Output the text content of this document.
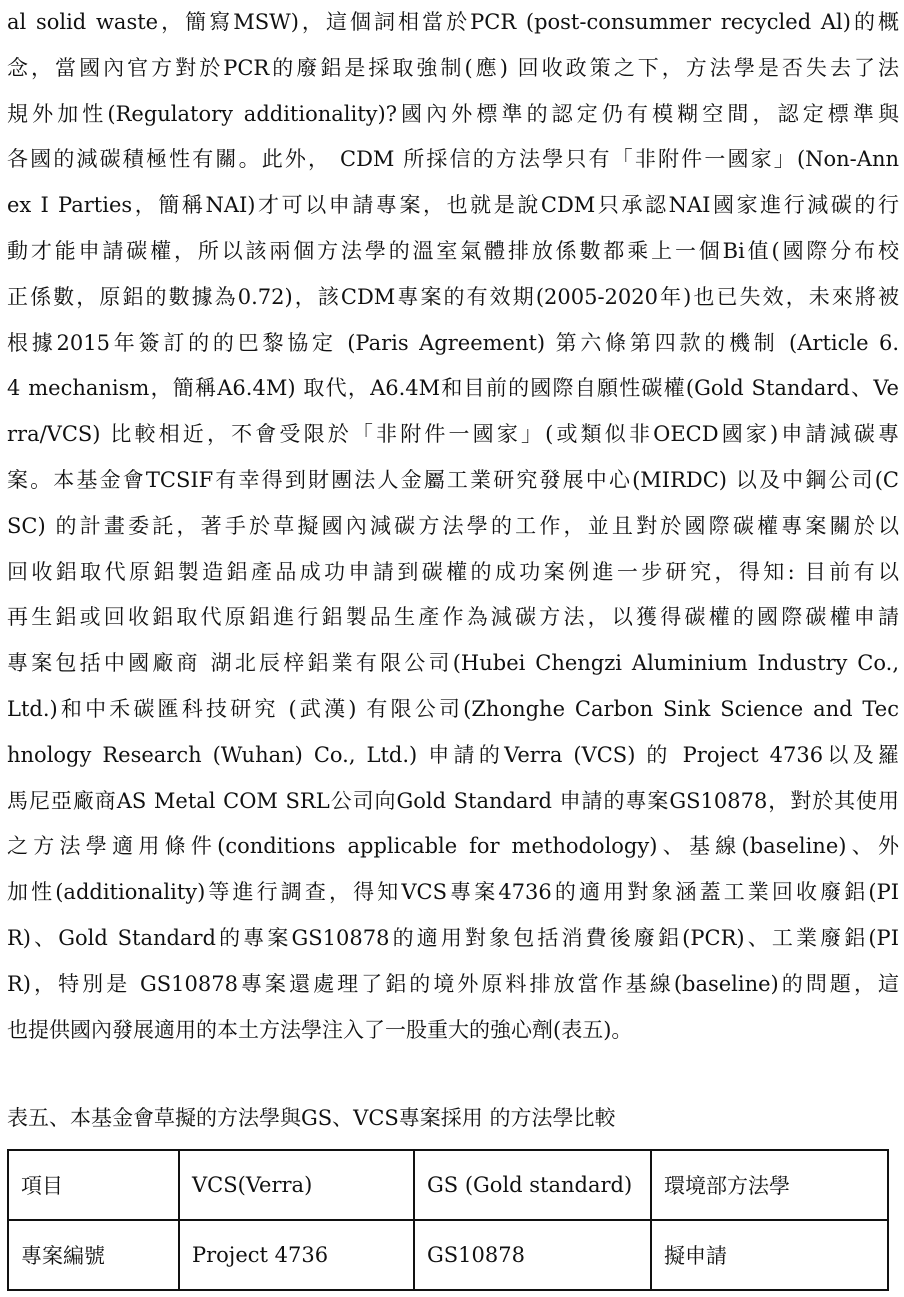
al solid waste，簡寫MSW)，這個詞相當於PCR (post-consummer recycled Al)的概
念，當國內官方對於PCR的廢鋁是採取強制(應) 回收政策之下，方法學是否失去了法
規外加性(Regulatory additionality)?國內外標準的認定仍有模糊空間，認定標準與
各國的減碳積極性有關。此外， CDM 所採信的方法學只有「非附件一國家」(Non-Ann
ex I Parties，簡稱NAI)才可以申請專案，也就是說CDM只承認NAI國家進行減碳的行
動才能申請碳權，所以該兩個方法學的溫室氣體排放係數都乘上一個Bi值(國際分布校
正係數，原鋁的數據為0.72)，該CDM專案的有效期(2005-2020年)也已失效，未來將被
根據2015年簽訂的的巴黎協定 (Paris Agreement) 第六條第四款的機制 (Article 6.
4 mechanism，簡稱A6.4M) 取代，A6.4M和目前的國際自願性碳權(Gold Standard、Ve
rra/VCS) 比較相近，不會受限於「非附件一國家」(或類似非OECD國家)申請減碳專
案。本基金會TCSIF有幸得到財團法人金屬工業研究發展中心(MIRDC) 以及中鋼公司(C
SC) 的計畫委託，著手於草擬國內減碳方法學的工作，並且對於國際碳權專案關於以
回收鋁取代原鋁製造鋁產品成功申請到碳權的成功案例進一步研究，得知: 目前有以
再生鋁或回收鋁取代原鋁進行鋁製品生產作為減碳方法，以獲得碳權的國際碳權申請
專案包括中國廠商 湖北辰梓鋁業有限公司(Hubei Chengzi Aluminium Industry Co.,
Ltd.)和中禾碳匯科技研究 (武漢) 有限公司(Zhonghe Carbon Sink Science and Tec
hnology Research (Wuhan) Co., Ltd.) 申請的Verra (VCS) 的 Project 4736以及羅
馬尼亞廠商AS Metal COM SRL公司向Gold Standard 申請的專案GS10878，對於其使用
之方法學適用條件(conditions applicable for methodology)、基線(baseline)、外
加性(additionality)等進行調查，得知VCS專案4736的適用對象涵蓋工業回收廢鋁(PI
R)、Gold Standard的專案GS10878的適用對象包括消費後廢鋁(PCR)、工業廢鋁(PI
R)，特別是 GS10878專案還處理了鋁的境外原料排放當作基線(baseline)的問題，這
也提供國內發展適用的本土方法學注入了一股重大的強心劑(表五)。
表五、本基金會草擬的方法學與GS、VCS專案採用 的方法學比較
項目	VCS(Verra)	GS (Gold standard)	環境部方法學
專案編號	Project 4736	GS10878	擬申請
